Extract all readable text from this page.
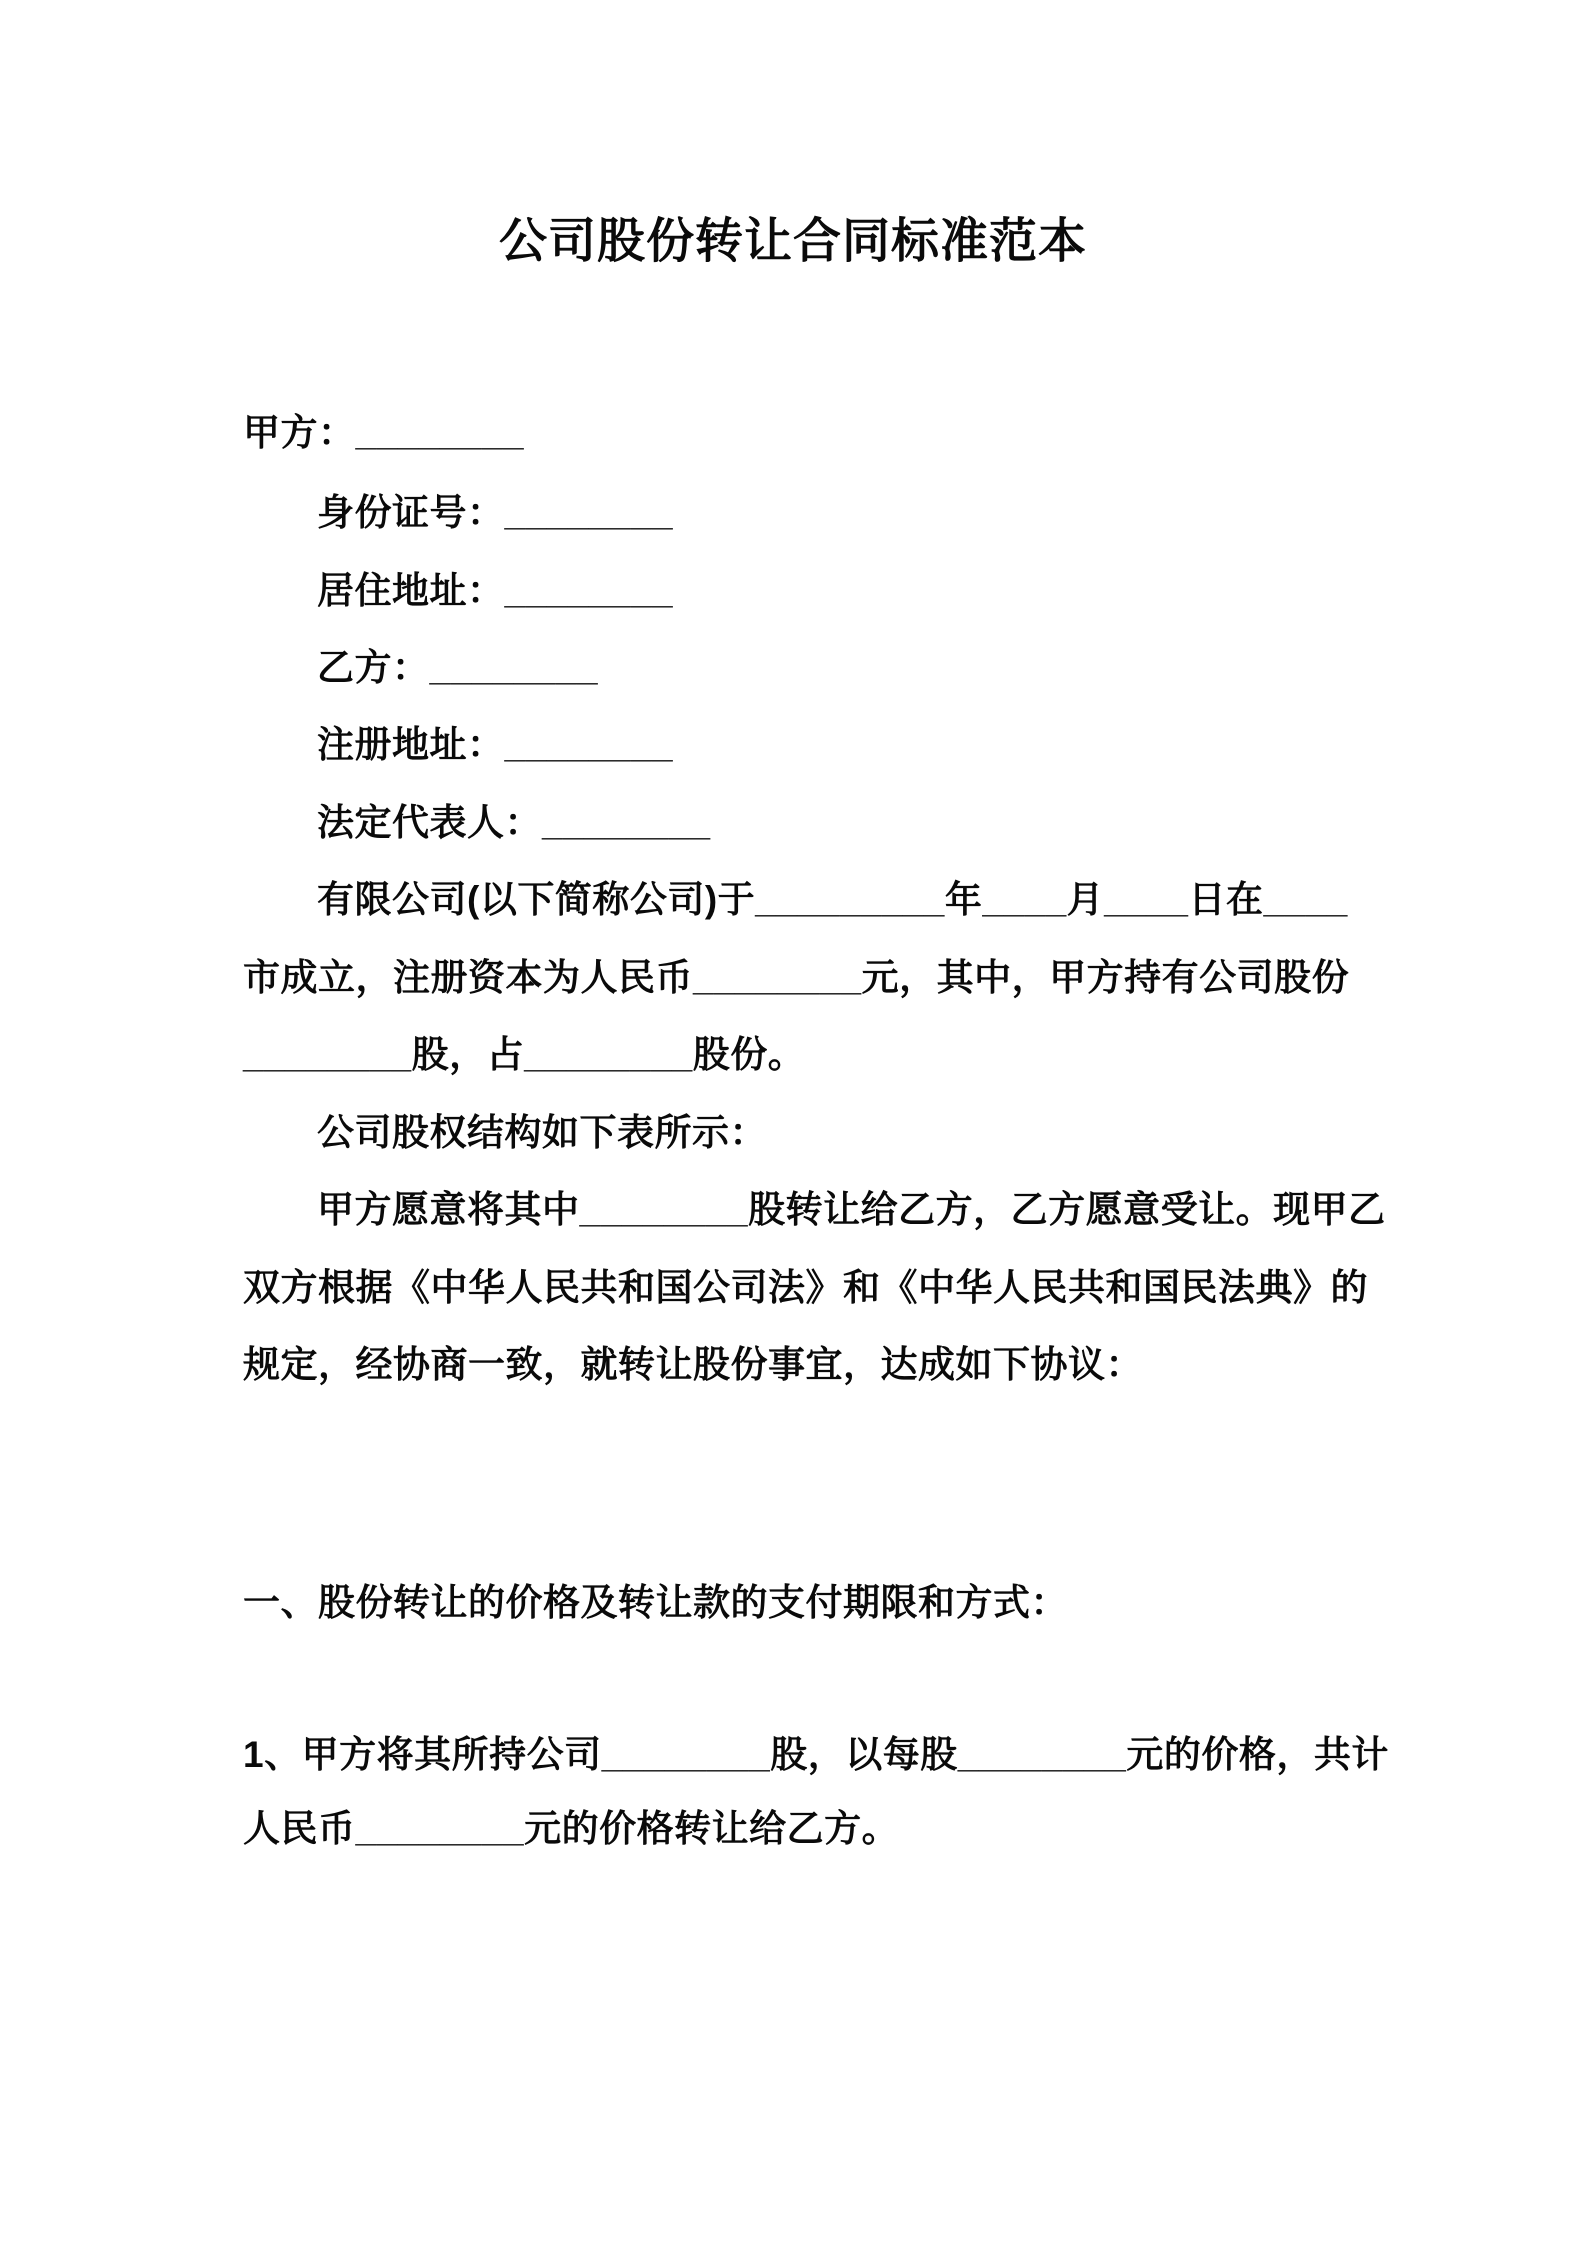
公司股份转让合同标准范本
甲方：________
身份证号：________
居住地址：________
乙方：________
注册地址：________
法定代表人：________
有限公司(以下简称公司)于_________年____月____日在____
市成立，注册资本为人民币________元，其中，甲方持有公司股份
________股，占________股份。
公司股权结构如下表所示：
甲方愿意将其中________股转让给乙方，乙方愿意受让。现甲乙
双方根据《中华人民共和国公司法》和《中华人民共和国民法典》的
规定，经协商一致，就转让股份事宜，达成如下协议：
一、股份转让的价格及转让款的支付期限和方式：
1、甲方将其所持公司________股，以每股________元的价格，共计
人民币________元的价格转让给乙方。
